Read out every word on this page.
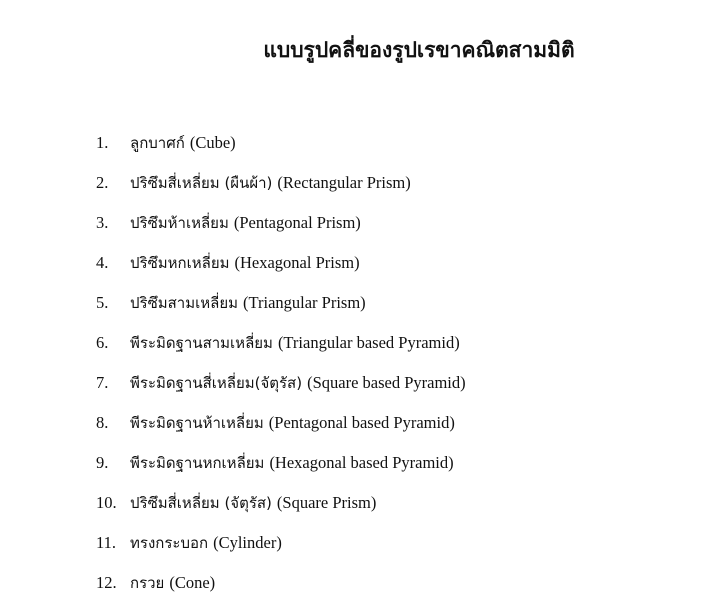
แบบรูปคลี่ของรูปเรขาคณิตสามมิติ
1.	ลูกบาศก์ (Cube)
2.	ปริซึมสี่เหลี่ยม (ผืนผ้า) (Rectangular Prism)
3.	ปริซึมห้าเหลี่ยม (Pentagonal Prism)
4.	ปริซึมหกเหลี่ยม (Hexagonal Prism)
5.	ปริซึมสามเหลี่ยม (Triangular Prism)
6.	พีระมิดฐานสามเหลี่ยม (Triangular based Pyramid)
7.	พีระมิดฐานสี่เหลี่ยม(จัตุรัส) (Square based Pyramid)
8.	พีระมิดฐานห้าเหลี่ยม (Pentagonal based Pyramid)
9.	พีระมิดฐานหกเหลี่ยม (Hexagonal based Pyramid)
10. ปริซึมสี่เหลี่ยม (จัตุรัส) (Square Prism)
11. ทรงกระบอก (Cylinder)
12. กรวย (Cone)
